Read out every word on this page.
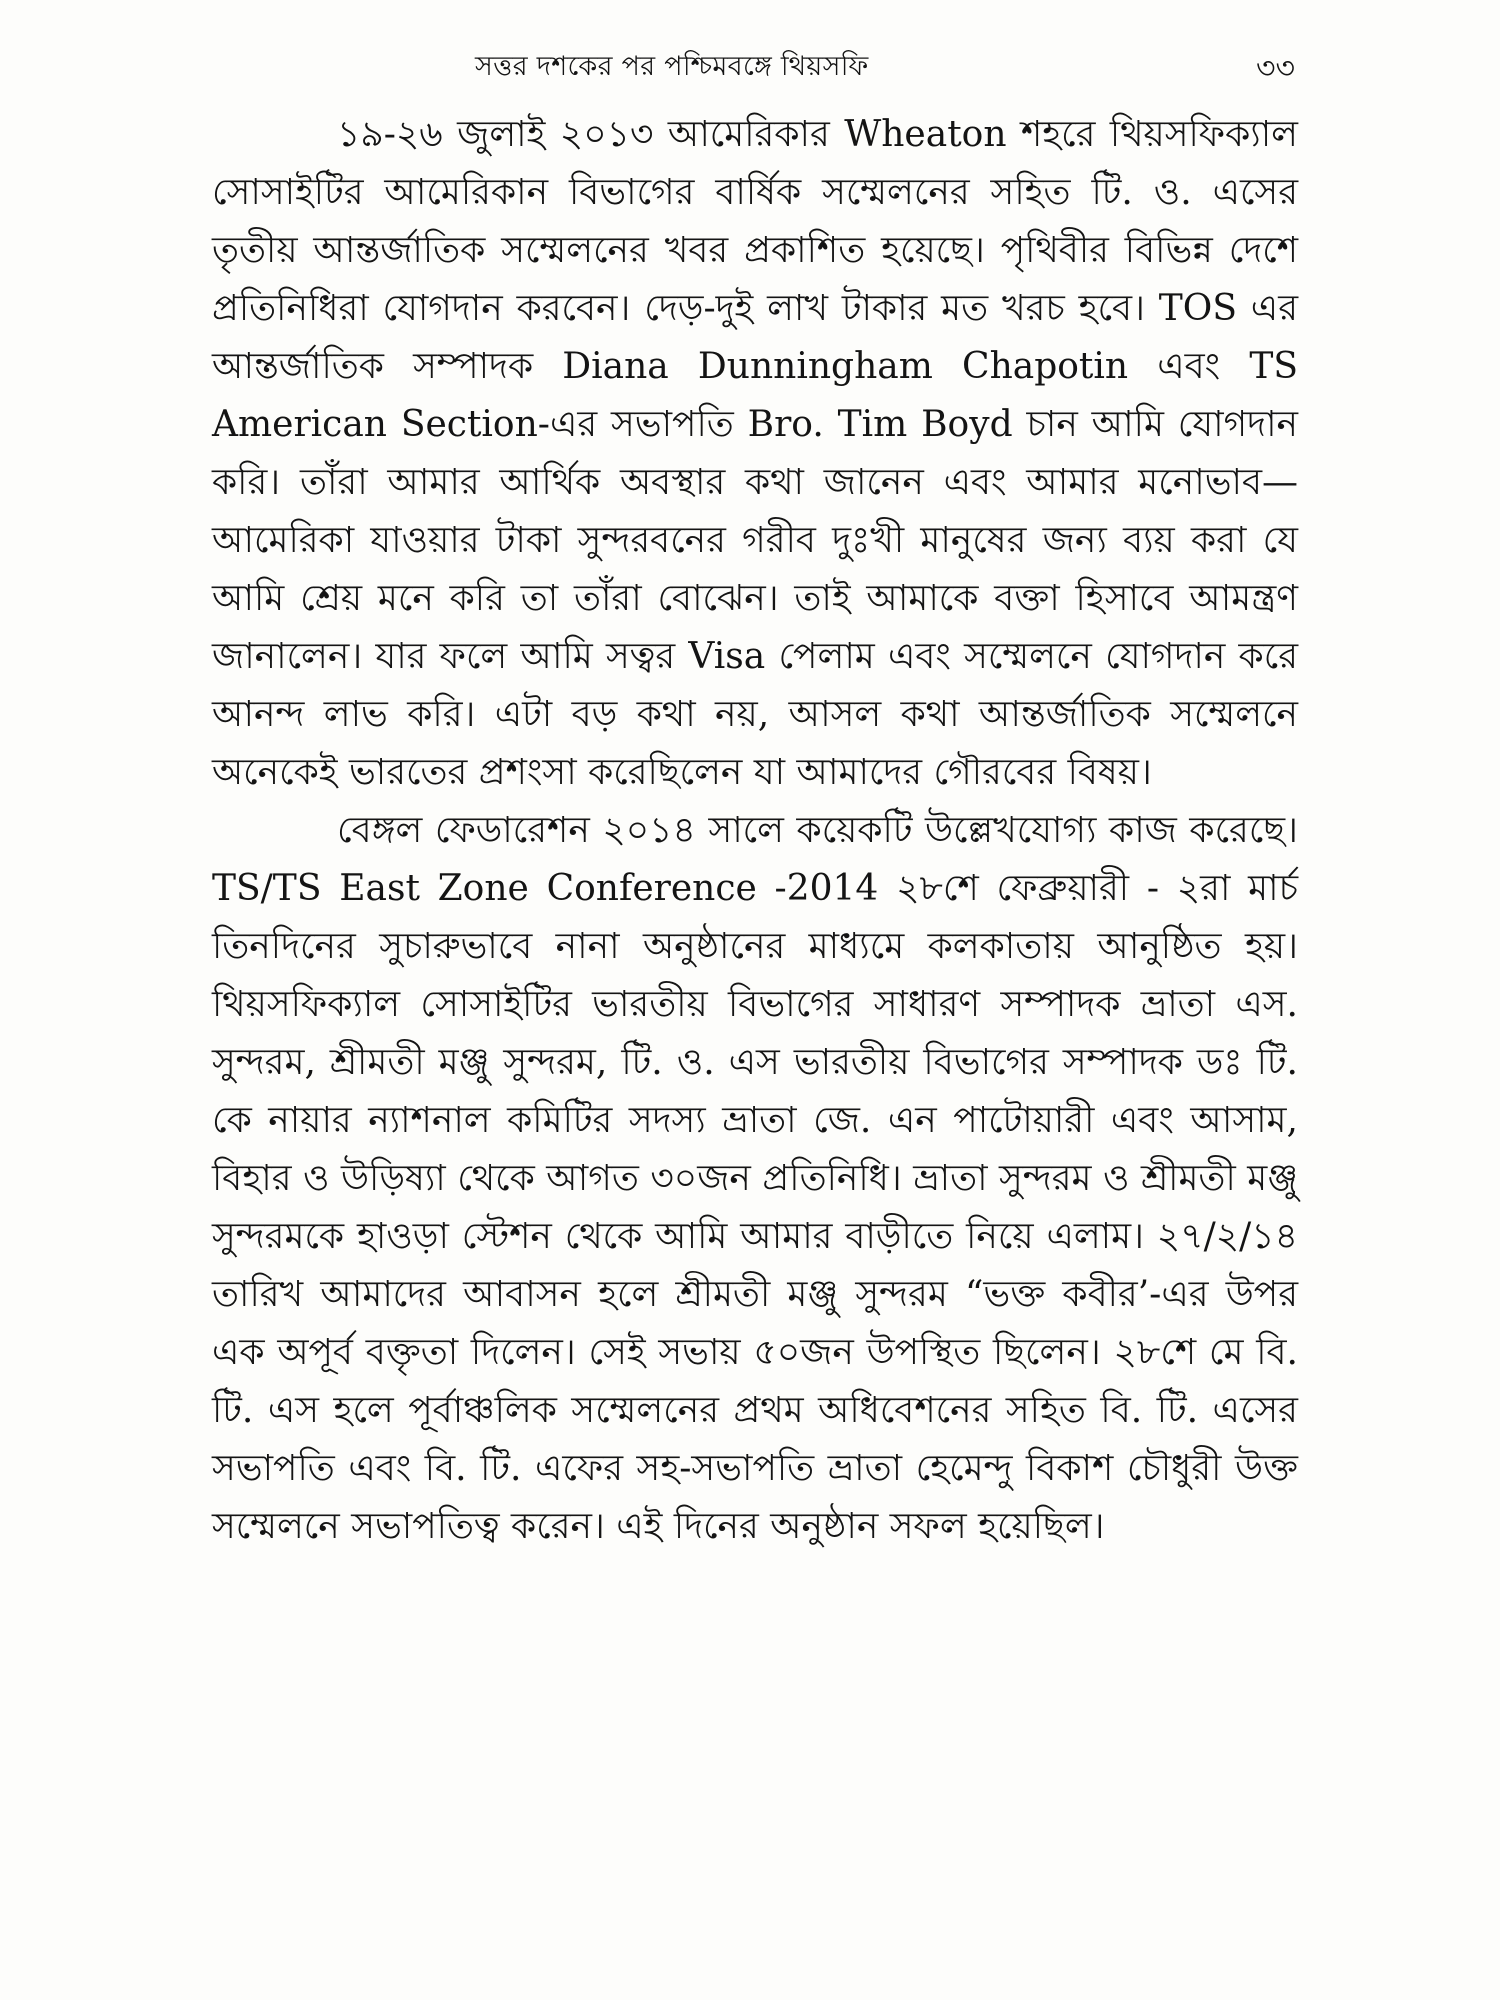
সত্তর দশকের পর পশ্চিমবঙ্গে থিয়সফি	৩৩

১৯-২৬ জুলাই ২০১৩ আমেরিকার Wheaton শহরে থিয়সফিক্যাল সোসাইটির আমেরিকান বিভাগের বার্ষিক সম্মেলনের সহিত টি. ও. এসের তৃতীয় আন্তর্জাতিক সম্মেলনের খবর প্রকাশিত হয়েছে। পৃথিবীর বিভিন্ন দেশে প্রতিনিধিরা যোগদান করবেন। দেড়-দুই লাখ টাকার মত খরচ হবে। TOS এর আন্তর্জাতিক সম্পাদক Diana Dunningham Chapotin এবং TS American Section-এর সভাপতি Bro. Tim Boyd চান আমি যোগদান করি। তাঁরা আমার আর্থিক অবস্থার কথা জানেন এবং আমার মনোভাব—আমেরিকা যাওয়ার টাকা সুন্দরবনের গরীব দুঃখী মানুষের জন্য ব্যয় করা যে আমি শ্রেয় মনে করি তা তাঁরা বোঝেন। তাই আমাকে বক্তা হিসাবে আমন্ত্রণ জানালেন। যার ফলে আমি সত্বর Visa পেলাম এবং সম্মেলনে যোগদান করে আনন্দ লাভ করি। এটা বড় কথা নয়, আসল কথা আন্তর্জাতিক সম্মেলনে অনেকেই ভারতের প্রশংসা করেছিলেন যা আমাদের গৌরবের বিষয়।

বেঙ্গল ফেডারেশন ২০১৪ সালে কয়েকটি উল্লেখযোগ্য কাজ করেছে। TS/TS East Zone Conference -2014 ২৮শে ফেব্রুয়ারী - ২রা মার্চ তিনদিনের সুচারুভাবে নানা অনুষ্ঠানের মাধ্যমে কলকাতায় আনুষ্ঠিত হয়। থিয়সফিক্যাল সোসাইটির ভারতীয় বিভাগের সাধারণ সম্পাদক ভ্রাতা এস. সুন্দরম, শ্রীমতী মঞ্জু সুন্দরম, টি. ও. এস ভারতীয় বিভাগের সম্পাদক ডঃ টি. কে নায়ার ন্যাশনাল কমিটির সদস্য ভ্রাতা জে. এন পাটোয়ারী এবং আসাম, বিহার ও উড়িষ্যা থেকে আগত ৩০জন প্রতিনিধি। ভ্রাতা সুন্দরম ও শ্রীমতী মঞ্জু সুন্দরমকে হাওড়া স্টেশন থেকে আমি আমার বাড়ীতে নিয়ে এলাম। ২৭/২/১৪ তারিখ আমাদের আবাসন হলে শ্রীমতী মঞ্জু সুন্দরম “ভক্ত কবীর’-এর উপর এক অপূর্ব বক্তৃতা দিলেন। সেই সভায় ৫০জন উপস্থিত ছিলেন। ২৮শে মে বি. টি. এস হলে পূর্বাঞ্চলিক সম্মেলনের প্রথম অধিবেশনের সহিত বি. টি. এসের সভাপতি এবং বি. টি. এফের সহ-সভাপতি ভ্রাতা হেমেন্দু বিকাশ চৌধুরী উক্ত সম্মেলনে সভাপতিত্ব করেন। এই দিনের অনুষ্ঠান সফল হয়েছিল।
